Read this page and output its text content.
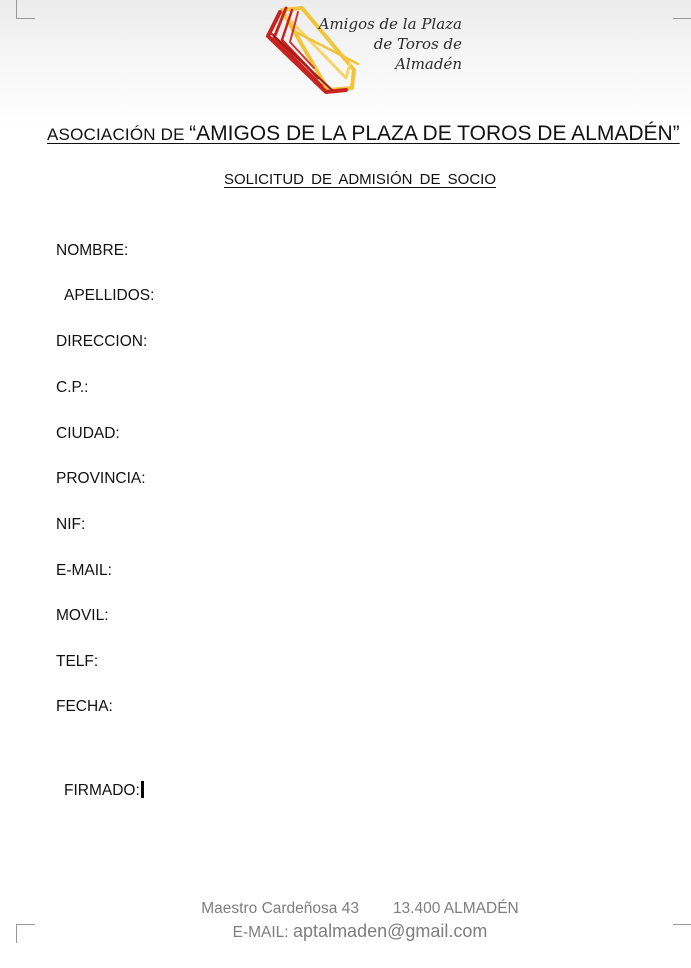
Amigos de la Plaza
de Toros de Almadén
ASOCIACIÓN DE “AMIGOS DE LA PLAZA DE TOROS DE ALMADÉN”
SOLICITUD DE ADMISIÓN DE SOCIO
NOMBRE:
APELLIDOS:
DIRECCION:
C.P.:
CIUDAD:
PROVINCIA:
NIF:
E-MAIL:
MOVIL:
TELF:
FECHA:
FIRMADO:
Maestro Cardeñosa 43 13.400 ALMADÉN
E-MAIL: aptalmaden@gmail.com
